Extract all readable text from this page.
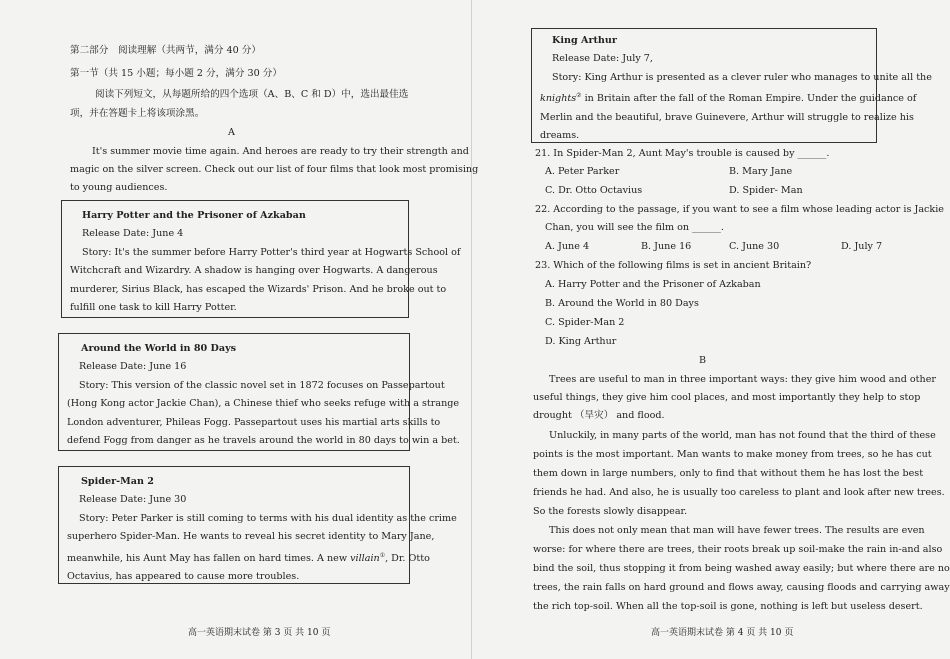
第二部分　阅读理解（共两节，满分 40 分）
第一节（共 15 小题；每小题 2 分，满分 30 分）
阅读下列短文，从每题所给的四个选项（A、B、C 和 D）中，选出最佳选
项，并在答题卡上将该项涂黑。
A
It's summer movie time again. And heroes are ready to try their strength and
magic on the silver screen. Check out our list of four films that look most promising
to young audiences.
Harry Potter and the Prisoner of Azkaban
Release Date: June 4
Story: It's the summer before Harry Potter's third year at Hogwarts School of
Witchcraft and Wizardry. A shadow is hanging over Hogwarts. A dangerous
murderer, Sirius Black, has escaped the Wizards' Prison. And he broke out to
fulfill one task to kill Harry Potter.
Around the World in 80 Days
Release Date: June 16
Story: This version of the classic novel set in 1872 focuses on Passepartout
(Hong Kong actor Jackie Chan), a Chinese thief who seeks refuge with a strange
London adventurer, Phileas Fogg. Passepartout uses his martial arts skills to
defend Fogg from danger as he travels around the world in 80 days to win a bet.
Spider-Man 2
Release Date: June 30
Story: Peter Parker is still coming to terms with his dual identity as the crime
superhero Spider-Man. He wants to reveal his secret identity to Mary Jane,
meanwhile, his Aunt May has fallen on hard times. A new villain①, Dr. Otto
Octavius, has appeared to cause more troubles.
高一英语期末试卷 第 3 页 共 10 页
King Arthur
Release Date: July 7,
Story: King Arthur is presented as a clever ruler who manages to unite all the
knights② in Britain after the fall of the Roman Empire. Under the guidance of
Merlin and the beautiful, brave Guinevere, Arthur will struggle to realize his
dreams.
21. In Spider-Man 2, Aunt May's trouble is caused by ______.
A. Peter Parker	B. Mary Jane
C. Dr. Otto Octavius	D. Spider- Man
22. According to the passage, if you want to see a film whose leading actor is Jackie
Chan, you will see the film on ______.
A. June 4	B. June 16	C. June 30	D. July 7
23. Which of the following films is set in ancient Britain?
A. Harry Potter and the Prisoner of Azkaban
B. Around the World in 80 Days
C. Spider-Man 2
D. King Arthur
B
Trees are useful to man in three important ways: they give him wood and other
useful things, they give him cool places, and most importantly they help to stop
drought （旱灾） and flood.
Unluckily, in many parts of the world, man has not found that the third of these
points is the most important. Man wants to make money from trees, so he has cut
them down in large numbers, only to find that without them he has lost the best
friends he had. And also, he is usually too careless to plant and look after new trees.
So the forests slowly disappear.
This does not only mean that man will have fewer trees. The results are even
worse: for where there are trees, their roots break up soil-make the rain in-and also
bind the soil, thus stopping it from being washed away easily; but where there are no
trees, the rain falls on hard ground and flows away, causing floods and carrying away
the rich top-soil. When all the top-soil is gone, nothing is left but useless desert.
高一英语期末试卷 第 4 页 共 10 页
